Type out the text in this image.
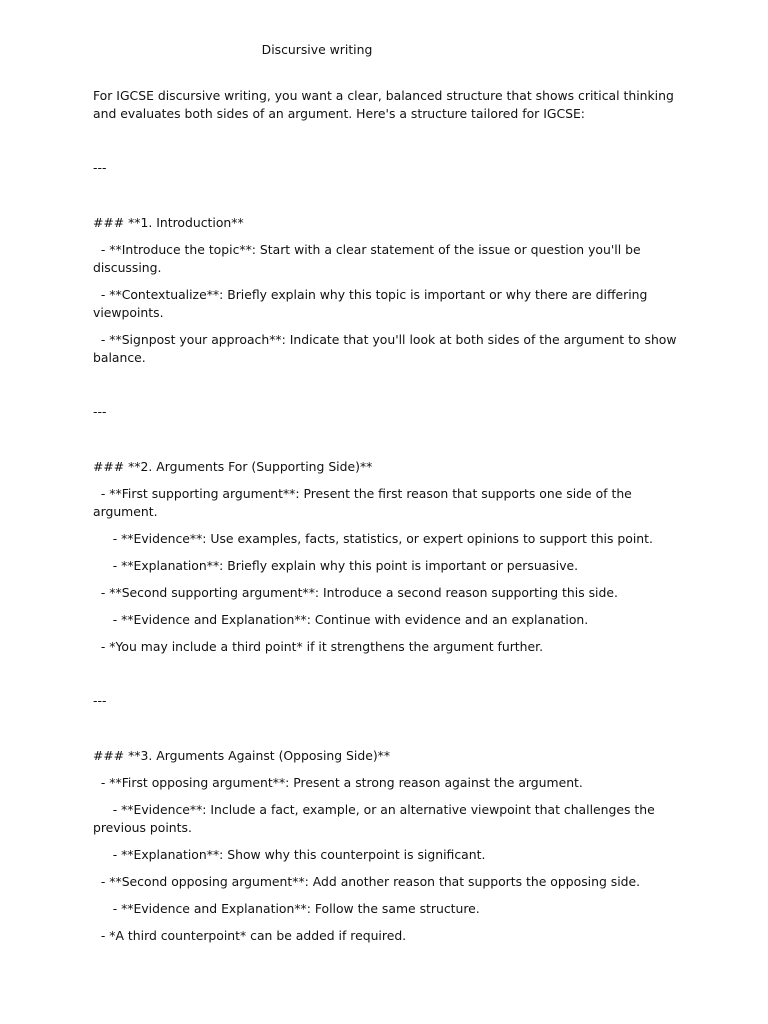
Discursive writing

For IGCSE discursive writing, you want a clear, balanced structure that shows critical thinking and evaluates both sides of an argument. Here's a structure tailored for IGCSE:

---

### **1. Introduction**

- **Introduce the topic**: Start with a clear statement of the issue or question you'll be discussing.

- **Contextualize**: Briefly explain why this topic is important or why there are differing viewpoints.

- **Signpost your approach**: Indicate that you'll look at both sides of the argument to show balance.

---

### **2. Arguments For (Supporting Side)**

- **First supporting argument**: Present the first reason that supports one side of the argument.

- **Evidence**: Use examples, facts, statistics, or expert opinions to support this point.

- **Explanation**: Briefly explain why this point is important or persuasive.

- **Second supporting argument**: Introduce a second reason supporting this side.

- **Evidence and Explanation**: Continue with evidence and an explanation.

- *You may include a third point* if it strengthens the argument further.

---

### **3. Arguments Against (Opposing Side)**

- **First opposing argument**: Present a strong reason against the argument.

- **Evidence**: Include a fact, example, or an alternative viewpoint that challenges the previous points.

- **Explanation**: Show why this counterpoint is significant.

- **Second opposing argument**: Add another reason that supports the opposing side.

- **Evidence and Explanation**: Follow the same structure.

- *A third counterpoint* can be added if required.
